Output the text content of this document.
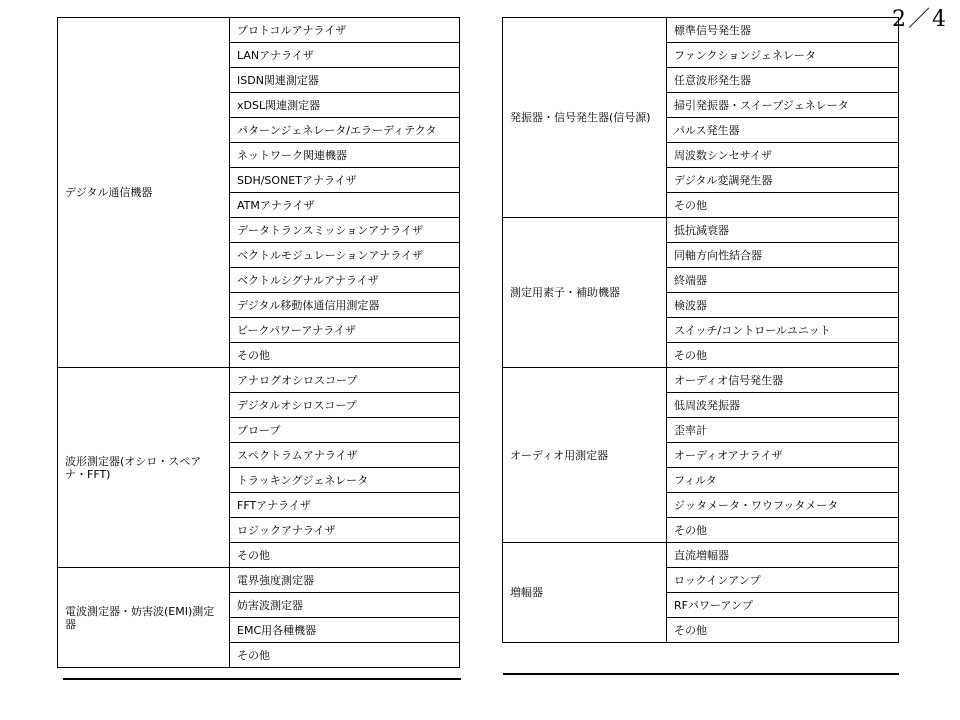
2／4
デジタル通信機器	プロトコルアナライザ
	LANアナライザ
	ISDN関連測定器
	xDSL関連測定器
	パターンジェネレータ/エラーディテクタ
	ネットワーク関連機器
	SDH/SONETアナライザ
	ATMアナライザ
	データトランスミッションアナライザ
	ベクトルモジュレーションアナライザ
	ベクトルシグナルアナライザ
	デジタル移動体通信用測定器
	ピークパワーアナライザ
	その他
波形測定器(オシロ・スペアナ・FFT)	アナログオシロスコープ
	デジタルオシロスコープ
	プローブ
	スペクトラムアナライザ
	トラッキングジェネレータ
	FFTアナライザ
	ロジックアナライザ
	その他
電波測定器・妨害波(EMI)測定器	電界強度測定器
	妨害波測定器
	EMC用各種機器
	その他
発振器・信号発生器(信号源)	標準信号発生器
	ファンクションジェネレータ
	任意波形発生器
	掃引発振器・スイープジェネレータ
	パルス発生器
	周波数シンセサイザ
	デジタル変調発生器
	その他
測定用素子・補助機器	抵抗減衰器
	同軸方向性結合器
	終端器
	検波器
	スイッチ/コントロールユニット
	その他
オーディオ用測定器	オーディオ信号発生器
	低周波発振器
	歪率計
	オーディオアナライザ
	フィルタ
	ジッタメータ・ワウフッタメータ
	その他
増幅器	直流増幅器
	ロックインアンプ
	RFパワーアンプ
	その他
